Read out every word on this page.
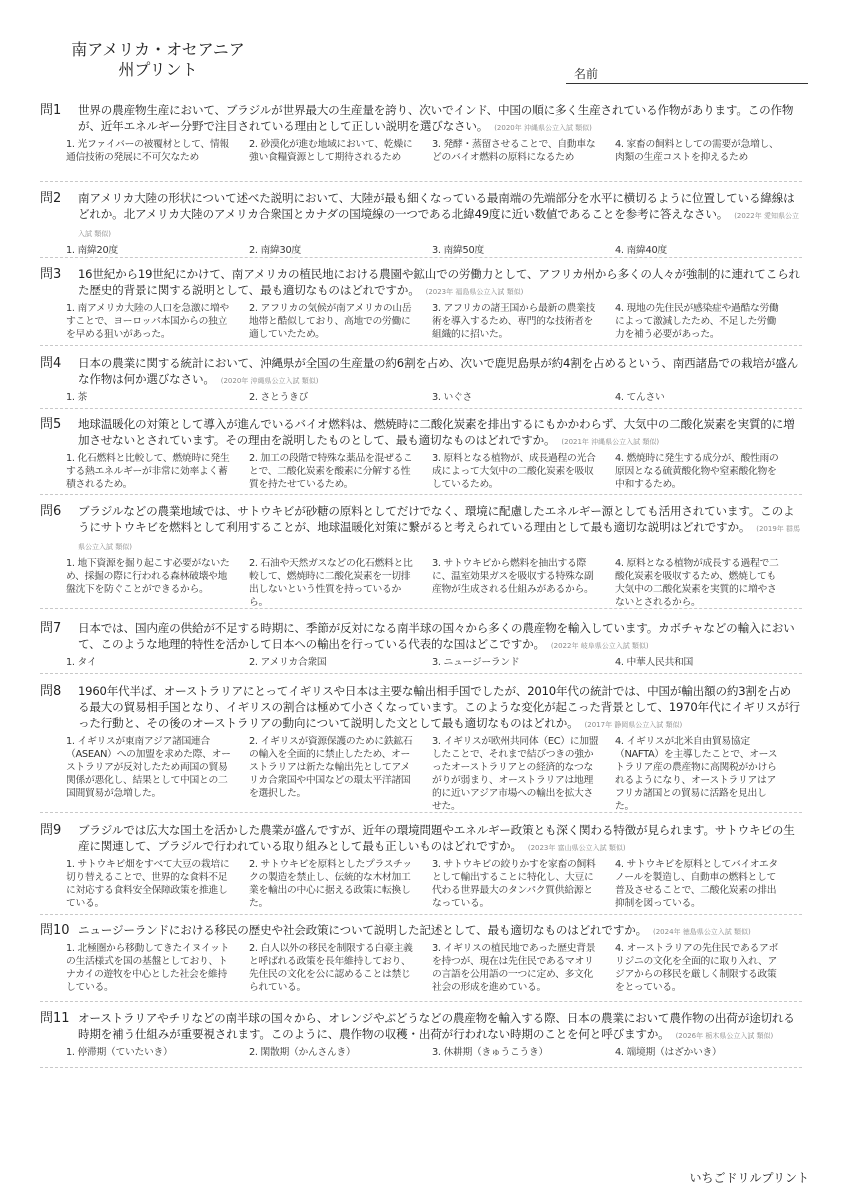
南アメリカ・オセアニア
州プリント	名前
問1 世界の農産物生産において、ブラジルが世界最大の生産量を誇り、次いでインド、中国の順に多く生産されている作物があります。この作物が、近年エネルギー分野で注目されている理由として正しい説明を選びなさい。 (2020年 沖縄県公立入試 類似)
1. 光ファイバーの被覆材として、情報通信技術の発展に不可欠なため
2. 砂漠化が進む地域において、乾燥に強い食糧資源として期待されるため
3. 発酵・蒸留させることで、自動車などのバイオ燃料の原料になるため
4. 家畜の飼料としての需要が急増し、肉類の生産コストを抑えるため
問2 南アメリカ大陸の形状について述べた説明において、大陸が最も細くなっている最南端の先端部分を水平に横切るように位置している緯線はどれか。北アメリカ大陸のアメリカ合衆国とカナダの国境線の一つである北緯49度に近い数値であることを参考に答えなさい。 (2022年 愛知県公立入試 類似)
1. 南緯20度	2. 南緯30度	3. 南緯50度	4. 南緯40度
問3 16世紀から19世紀にかけて、南アメリカの植民地における農園や鉱山での労働力として、アフリカ州から多くの人々が強制的に連れてこられた歴史的背景に関する説明として、最も適切なものはどれですか。 (2023年 福島県公立入試 類似)
1. 南アメリカ大陸の人口を急激に増やすことで、ヨーロッパ本国からの独立を早める狙いがあった。
2. アフリカの気候が南アメリカの山岳地帯と酷似しており、高地での労働に適していたため。
3. アフリカの諸王国から最新の農業技術を導入するため、専門的な技術者を組織的に招いた。
4. 現地の先住民が感染症や過酷な労働によって激減したため、不足した労働力を補う必要があった。
問4 日本の農業に関する統計において、沖縄県が全国の生産量の約6割を占め、次いで鹿児島県が約4割を占めるという、南西諸島での栽培が盛んな作物は何か選びなさい。 (2020年 沖縄県公立入試 類似)
1. 茶	2. さとうきび	3. いぐさ	4. てんさい
問5 地球温暖化の対策として導入が進んでいるバイオ燃料は、燃焼時に二酸化炭素を排出するにもかかわらず、大気中の二酸化炭素を実質的に増加させないとされています。その理由を説明したものとして、最も適切なものはどれですか。 (2021年 沖縄県公立入試 類似)
1. 化石燃料と比較して、燃焼時に発生する熱エネルギーが非常に効率よく蓄積されるため。
2. 加工の段階で特殊な薬品を混ぜることで、二酸化炭素を酸素に分解する性質を持たせているため。
3. 原料となる植物が、成長過程の光合成によって大気中の二酸化炭素を吸収しているため。
4. 燃焼時に発生する成分が、酸性雨の原因となる硫黄酸化物や窒素酸化物を中和するため。
問6 ブラジルなどの農業地域では、サトウキビが砂糖の原料としてだけでなく、環境に配慮したエネルギー源としても活用されています。このようにサトウキビを燃料として利用することが、地球温暖化対策に繋がると考えられている理由として最も適切な説明はどれですか。 (2019年 群馬県公立入試 類似)
1. 地下資源を掘り起こす必要がないため、採掘の際に行われる森林破壊や地盤沈下を防ぐことができるから。
2. 石油や天然ガスなどの化石燃料と比較して、燃焼時に二酸化炭素を一切排出しないという性質を持っているから。
3. サトウキビから燃料を抽出する際に、温室効果ガスを吸収する特殊な副産物が生成される仕組みがあるから。
4. 原料となる植物が成長する過程で二酸化炭素を吸収するため、燃焼しても大気中の二酸化炭素を実質的に増やさないとされるから。
問7 日本では、国内産の供給が不足する時期に、季節が反対になる南半球の国々から多くの農産物を輸入しています。カボチャなどの輸入において、このような地理的特性を活かして日本への輸出を行っている代表的な国はどこですか。 (2022年 岐阜県公立入試 類似)
1. タイ	2. アメリカ合衆国	3. ニュージーランド	4. 中華人民共和国
問8 1960年代半ば、オーストラリアにとってイギリスや日本は主要な輸出相手国でしたが、2010年代の統計では、中国が輸出額の約3割を占める最大の貿易相手国となり、イギリスの割合は極めて小さくなっています。このような変化が起こった背景として、1970年代にイギリスが行った行動と、その後のオーストラリアの動向について説明した文として最も適切なものはどれか。 (2017年 静岡県公立入試 類似)
1. イギリスが東南アジア諸国連合（ASEAN）への加盟を求めた際、オーストラリアが反対したため両国の貿易関係が悪化し、結果として中国との二国間貿易が急増した。
2. イギリスが資源保護のために鉄鉱石の輸入を全面的に禁止したため、オーストラリアは新たな輸出先としてアメリカ合衆国や中国などの環太平洋諸国を選択した。
3. イギリスが欧州共同体（EC）に加盟したことで、それまで結びつきの強かったオーストラリアとの経済的なつながりが弱まり、オーストラリアは地理的に近いアジア市場への輸出を拡大させた。
4. イギリスが北米自由貿易協定（NAFTA）を主導したことで、オーストラリア産の農産物に高関税がかけられるようになり、オーストラリアはアフリカ諸国との貿易に活路を見出した。
問9 ブラジルでは広大な国土を活かした農業が盛んですが、近年の環境問題やエネルギー政策とも深く関わる特徴が見られます。サトウキビの生産に関連して、ブラジルで行われている取り組みとして最も正しいものはどれですか。 (2023年 富山県公立入試 類似)
1. サトウキビ畑をすべて大豆の栽培に切り替えることで、世界的な食料不足に対応する食料安全保障政策を推進している。
2. サトウキビを原料としたプラスチックの製造を禁止し、伝統的な木材加工業を輸出の中心に据える政策に転換した。
3. サトウキビの絞りかすを家畜の飼料として輸出することに特化し、大豆に代わる世界最大のタンパク質供給源となっている。
4. サトウキビを原料としてバイオエタノールを製造し、自動車の燃料として普及させることで、二酸化炭素の排出抑制を図っている。
問10 ニュージーランドにおける移民の歴史や社会政策について説明した記述として、最も適切なものはどれですか。 (2024年 徳島県公立入試 類似)
1. 北極圏から移動してきたイヌイットの生活様式を国の基盤としており、トナカイの遊牧を中心とした社会を維持している。
2. 白人以外の移民を制限する白豪主義と呼ばれる政策を長年維持しており、先住民の文化を公に認めることは禁じられている。
3. イギリスの植民地であった歴史背景を持つが、現在は先住民であるマオリの言語を公用語の一つに定め、多文化社会の形成を進めている。
4. オーストラリアの先住民であるアボリジニの文化を全面的に取り入れ、アジアからの移民を厳しく制限する政策をとっている。
問11 オーストラリアやチリなどの南半球の国々から、オレンジやぶどうなどの農産物を輸入する際、日本の農業において農作物の出荷が途切れる時期を補う仕組みが重要視されます。このように、農作物の収穫・出荷が行われない時期のことを何と呼びますか。 (2026年 栃木県公立入試 類似)
1. 停滞期（ていたいき）	2. 閑散期（かんさんき）	3. 休耕期（きゅうこうき）	4. 端境期（はざかいき）
いちごドリルプリント
